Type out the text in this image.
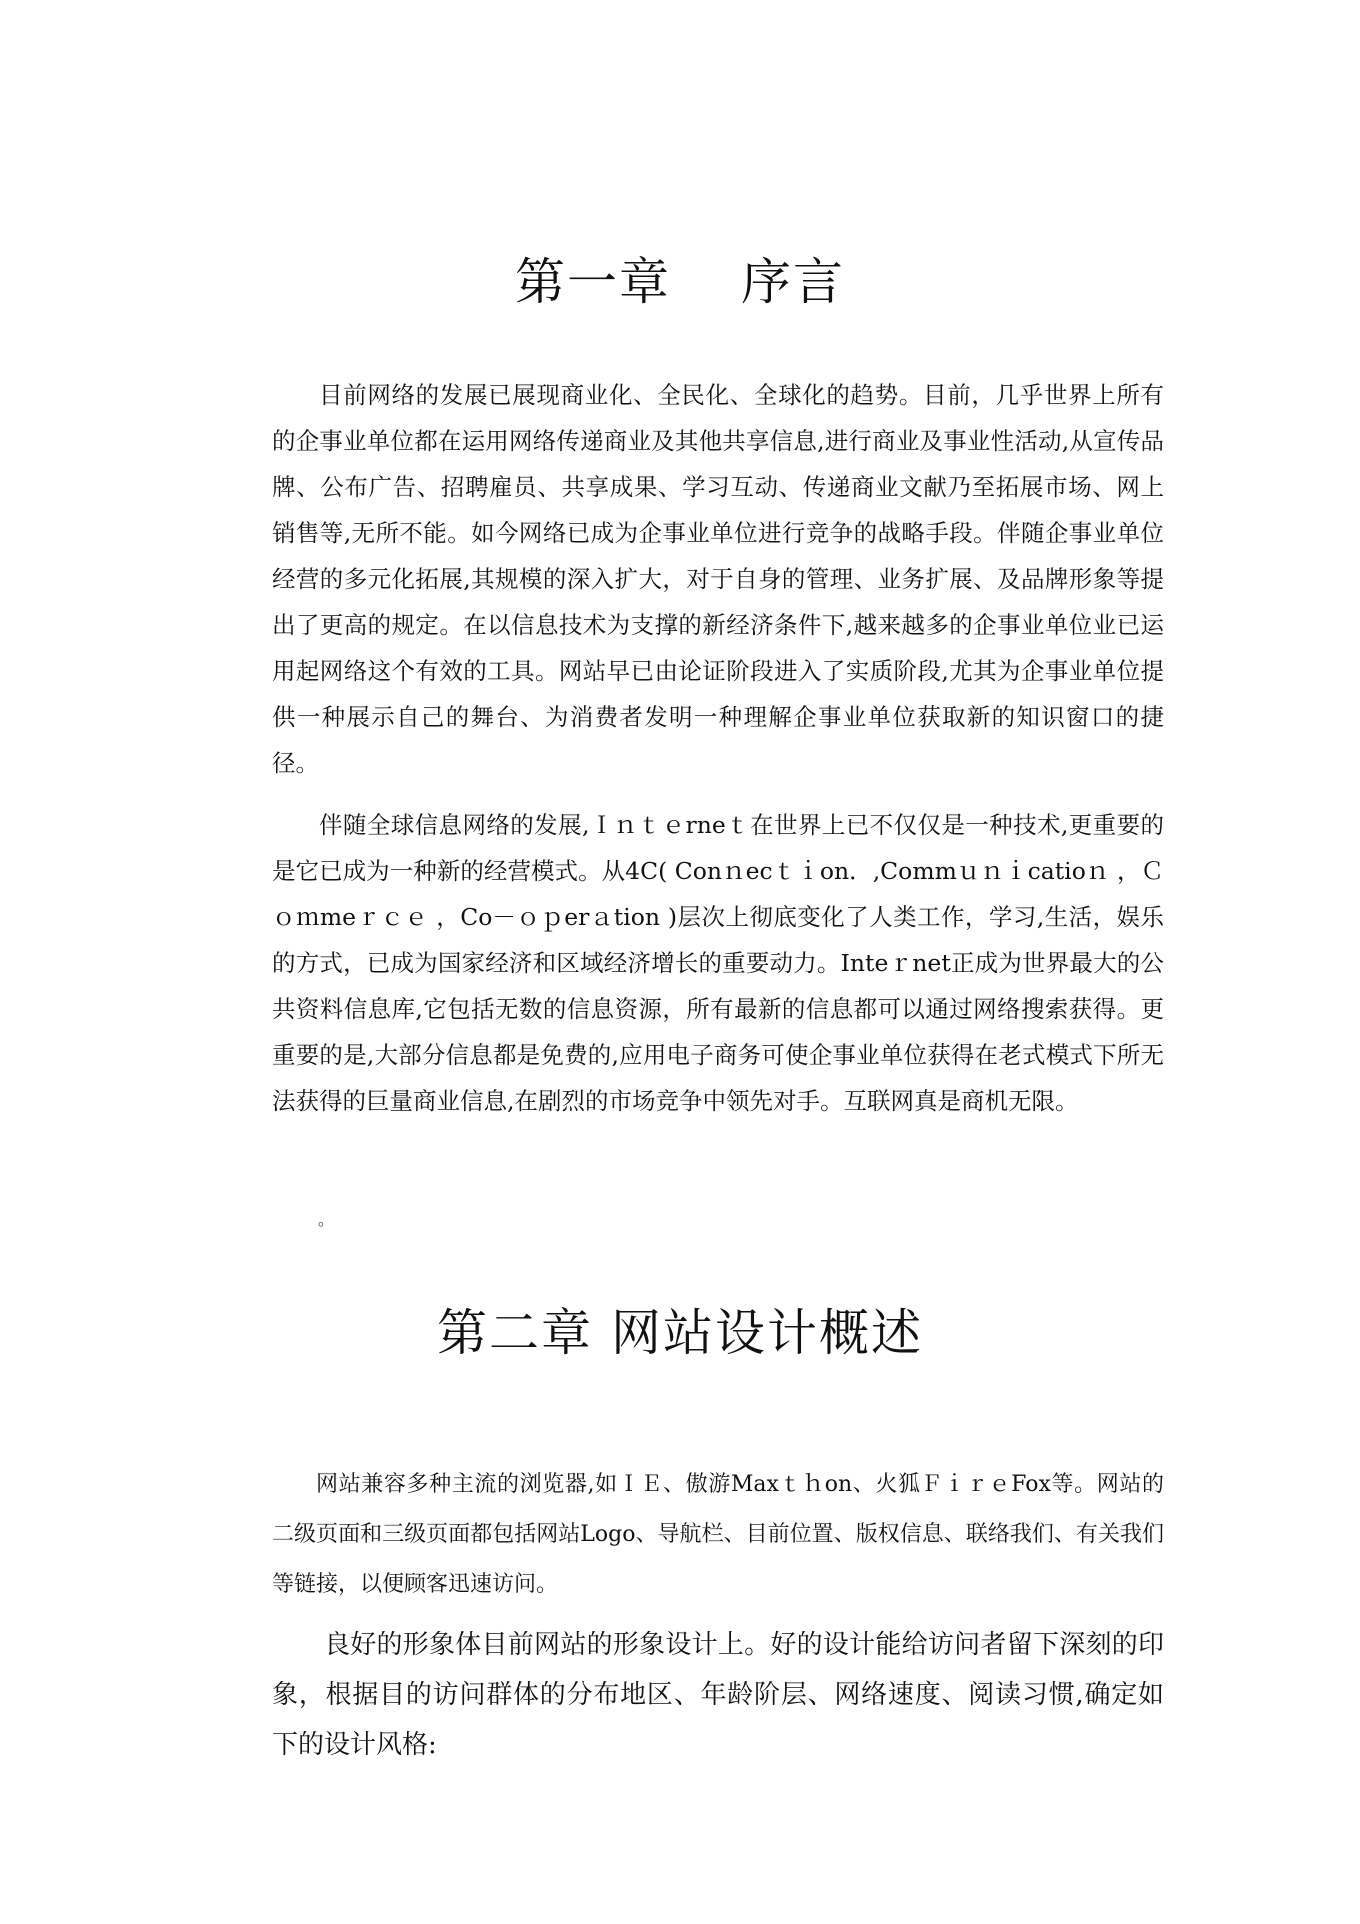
第一章　 序言

目前网络的发展已展现商业化、全民化、全球化的趋势。目前，几乎世界上所有的企事业单位都在运用网络传递商业及其他共享信息,进行商业及事业性活动,从宣传品牌、公布广告、招聘雇员、共享成果、学习互动、传递商业文献乃至拓展市场、网上销售等,无所不能。如今网络已成为企事业单位进行竞争的战略手段。伴随企事业单位经营的多元化拓展,其规模的深入扩大，对于自身的管理、业务扩展、及品牌形象等提出了更高的规定。在以信息技术为支撑的新经济条件下,越来越多的企事业单位业已运用起网络这个有效的工具。网站早已由论证阶段进入了实质阶段,尤其为企事业单位提供一种展示自己的舞台、为消费者发明一种理解企事业单位获取新的知识窗口的捷径。

伴随全球信息网络的发展,Ｉｎｔｅrneｔ在世界上已不仅仅是一种技术,更重要的是它已成为一种新的经营模式。从4C( Conｎecｔｉon．,Commｕｎｉcatioｎ ，Ｃｏｍmeｒｃｅ ，Co－ｏｐerａtion )层次上彻底变化了人类工作，学习,生活，娱乐的方式，已成为国家经济和区域经济增长的重要动力。Inteｒnet正成为世界最大的公共资料信息库,它包括无数的信息资源，所有最新的信息都可以通过网络搜索获得。更重要的是,大部分信息都是免费的,应用电子商务可使企事业单位获得在老式模式下所无法获得的巨量商业信息,在剧烈的市场竞争中领先对手。互联网真是商机无限。

。
第二章 网站设计概述

网站兼容多种主流的浏览器,如ＩＥ、傲游Maxｔｈon、火狐ＦｉｒｅFox等。网站的二级页面和三级页面都包括网站Logo、导航栏、目前位置、版权信息、联络我们、有关我们等链接，以便顾客迅速访问。

良好的形象体目前网站的形象设计上。好的设计能给访问者留下深刻的印象，根据目的访问群体的分布地区、年龄阶层、网络速度、阅读习惯,确定如下的设计风格:
